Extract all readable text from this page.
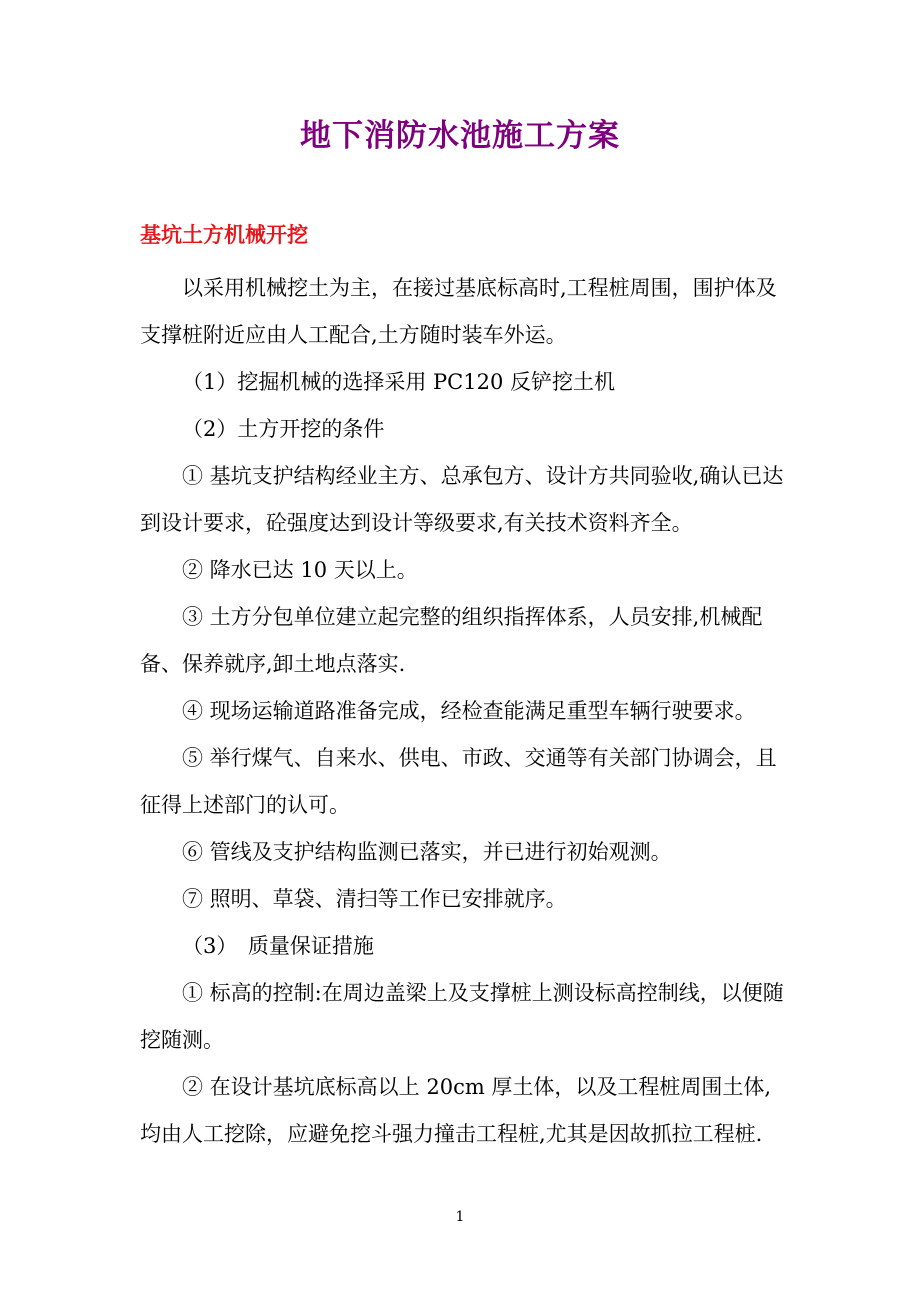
地下消防水池施工方案
基坑土方机械开挖

以采用机械挖土为主，在接过基底标高时,工程桩周围，围护体及支撑桩附近应由人工配合,土方随时装车外运。

（1）挖掘机械的选择采用 PC120 反铲挖土机

（2）土方开挖的条件

① 基坑支护结构经业主方、总承包方、设计方共同验收,确认已达到设计要求，砼强度达到设计等级要求,有关技术资料齐全。

② 降水已达 10 天以上。

③ 土方分包单位建立起完整的组织指挥体系，人员安排,机械配备、保养就序,卸土地点落实.

④ 现场运输道路准备完成，经检查能满足重型车辆行驶要求。

⑤ 举行煤气、自来水、供电、市政、交通等有关部门协调会，且征得上述部门的认可。

⑥ 管线及支护结构监测已落实，并已进行初始观测。

⑦ 照明、草袋、清扫等工作已安排就序。

（3）　质量保证措施

① 标高的控制:在周边盖梁上及支撑桩上测设标高控制线，以便随挖随测。

② 在设计基坑底标高以上 20cm 厚土体，以及工程桩周围土体,均由人工挖除，应避免挖斗强力撞击工程桩,尤其是因故抓拉工程桩.

1
